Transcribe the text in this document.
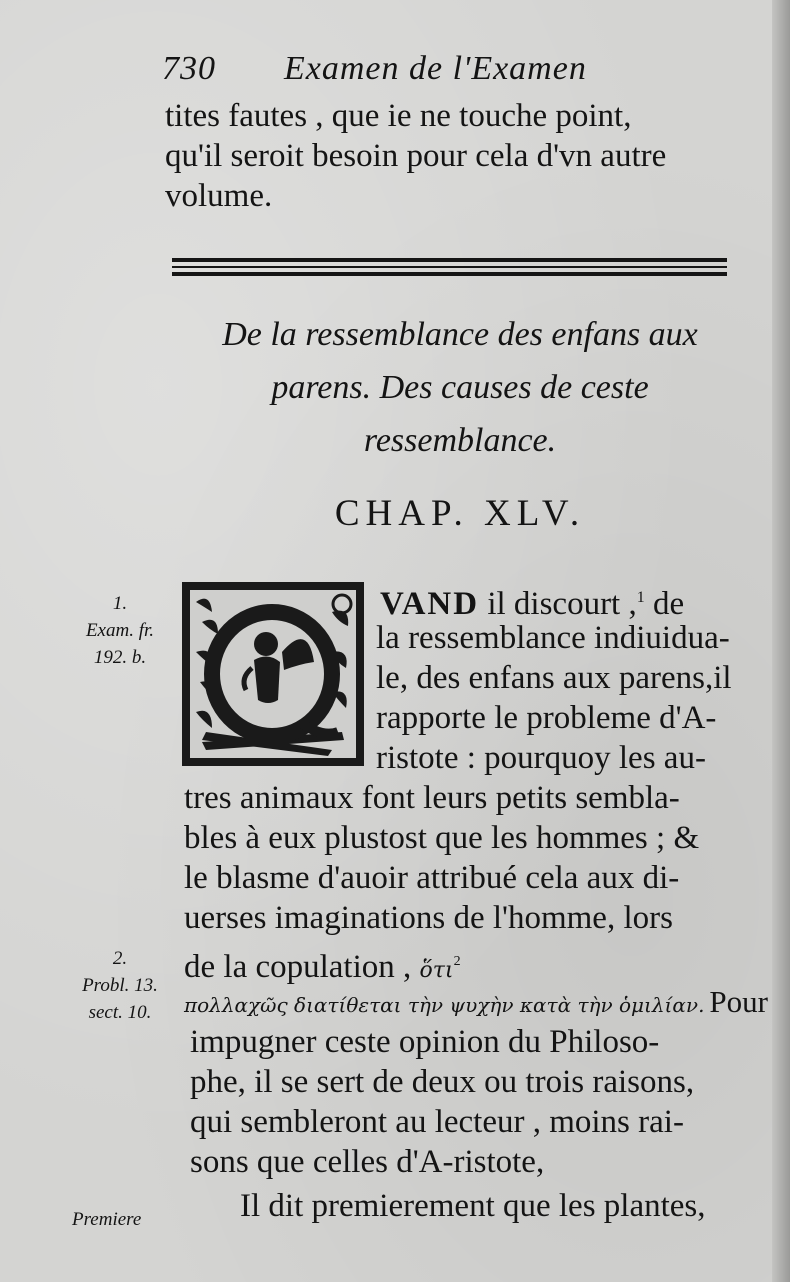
730 Examen de l'Examen
tites fautes , que ie ne touche point,
qu'il seroit besoin pour cela d'vn autre
volume.
De la ressemblance des enfans aux
parens. Des causes de ceste
ressemblance.
CHAP. XLV.
1.
Exam. fr.
192. b.
VAND il discourt ,$^1$ de
la ressemblance indiuidua-
le, des enfans aux parens,il
rapporte le probleme d'A-
ristote : pourquoy les au-
tres animaux font leurs petits sembla-
bles à eux plustost que les hommes ; &
le blasme d'auoir attribué cela aux di-
uerses imaginations de l'homme, lors
2.
Probl. 13.
sect. 10.
de la copulation , ὅτι$^2$
πολλαχῶς διατίθεται τὴν ψυχὴν κατὰ τὴν ὁμιλίαν. Pour
impugner ceste opinion du Philoso-
phe, il se sert de deux ou trois raisons,
qui sembleront au lecteur , moins rai-
sons que celles d'A-ristote,
Il dit premierement que les plantes,
Premiere
